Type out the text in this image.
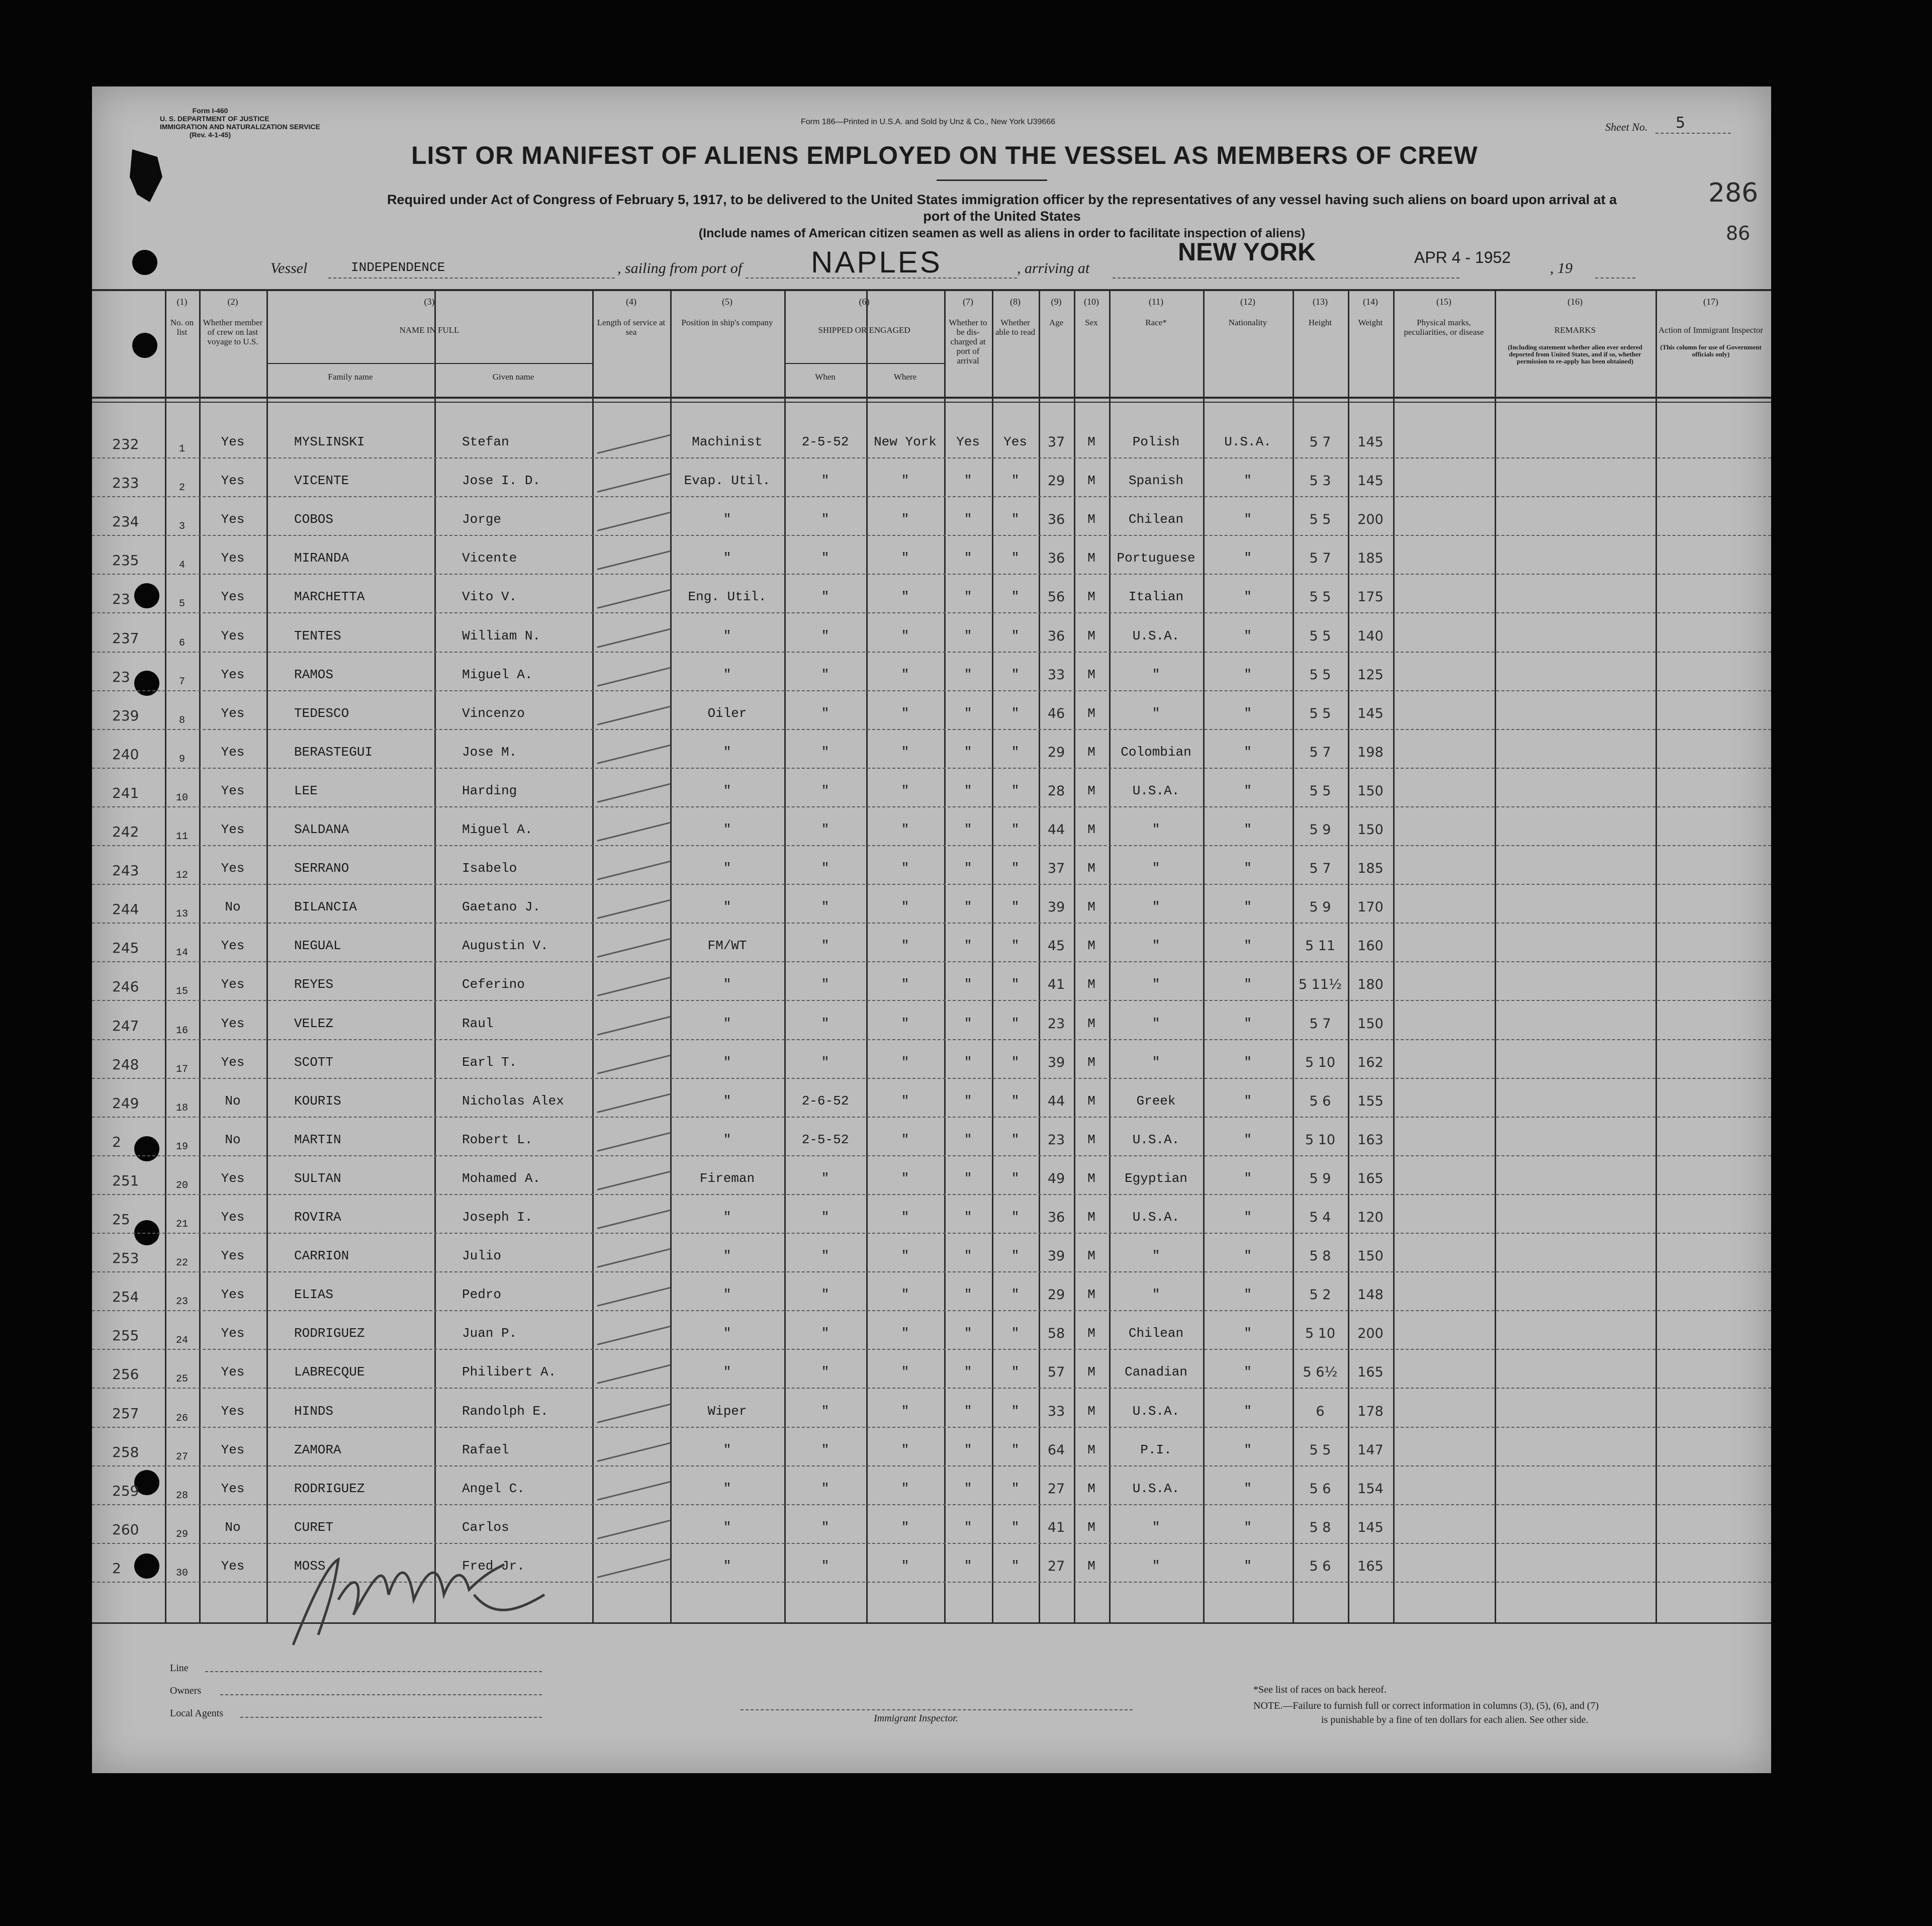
Form I-460
U. S. DEPARTMENT OF JUSTICE
IMMIGRATION AND NATURALIZATION SERVICE
(Rev. 4-1-45)
Form 186—Printed in U.S.A. and Sold by Unz & Co., New York U39666	Sheet No. 5
286
86
LIST OR MANIFEST OF ALIENS EMPLOYED ON THE VESSEL AS MEMBERS OF CREW
Required under Act of Congress of February 5, 1917, to be delivered to the United States immigration officer by the representatives of any vessel having such aliens on board upon arrival at a
port of the United States
(Include names of American citizen seamen as well as aliens in order to facilitate inspection of aliens)
Vessel	INDEPENDENCE	, sailing from port of NAPLES	, arriving at
NEW YORK	APR 4 - 1952
, 19
(1)
No. on list
(2)
Whether member of crew on last voyage to U.S.
(3)
NAME IN FULL
Family name	Given name
(4)
Length of service at sea
(5)
Position in ship's company
(6)
SHIPPED OR ENGAGED
When	Where
(7)
Whether to be dis- charged at port of arrival
(8)
Whether able to read
(9)
Age
(10)
Sex
(11)
Race*
(12)
Nationality
(13)
Height
(14)
Weight
(15)
Physical marks, peculiarities, or disease
(16)
REMARKS
(Including statement whether alien ever ordered deported from United States, and if so, whether permission to re-apply has been obtained)
(17)
Action of Immigrant Inspector
(This column for use of Government officials only)
232	1	Yes	MYSLINSKI	Stefan	Machinist	2-5-52	New York	Yes	Yes	37	M	Polish	U.S.A.	5 7	145
233	2	Yes	VICENTE	Jose I. D.	Evap. Util.	"	"	"	"	29	M	Spanish	"	5 3	145
234	3	Yes	COBOS	Jorge	"	"	"	"	"	36	M	Chilean	"	5 5	200
235	4	Yes	MIRANDA	Vicente	"	"	"	"	"	36	M	Portuguese	"	5 7	185
23	5	Yes	MARCHETTA	Vito V.	Eng. Util.	"	"	"	"	56	M	Italian	"	5 5	175
237	6	Yes	TENTES	William N.	"	"	"	"	"	36	M	U.S.A.	"	5 5	140
23	7	Yes	RAMOS	Miguel A.	"	"	"	"	"	33	M	"	"	5 5	125
239	8	Yes	TEDESCO	Vincenzo	Oiler	"	"	"	"	46	M	"	"	5 5	145
240	9	Yes	BERASTEGUI	Jose M.	"	"	"	"	"	29	M	Colombian	"	5 7	198
241	10	Yes	LEE	Harding	"	"	"	"	"	28	M	U.S.A.	"	5 5	150
242	11	Yes	SALDANA	Miguel A.	"	"	"	"	"	44	M	"	"	5 9	150
243	12	Yes	SERRANO	Isabelo	"	"	"	"	"	37	M	"	"	5 7	185
244	13	No	BILANCIA	Gaetano J.	"	"	"	"	"	39	M	"	"	5 9	170
245	14	Yes	NEGUAL	Augustin V.	FM/WT	"	"	"	"	45	M	"	"	5 11	160
246	15	Yes	REYES	Ceferino	"	"	"	"	"	41	M	"	"	5 11½	180
247	16	Yes	VELEZ	Raul	"	"	"	"	"	23	M	"	"	5 7	150
248	17	Yes	SCOTT	Earl T.	"	"	"	"	"	39	M	"	"	5 10	162
249	18	No	KOURIS	Nicholas Alex	"	2-6-52	"	"	"	44	M	Greek	"	5 6	155
2	19	No	MARTIN	Robert L.	"	2-5-52	"	"	"	23	M	U.S.A.	"	5 10	163
251	20	Yes	SULTAN	Mohamed A.	Fireman	"	"	"	"	49	M	Egyptian	"	5 9	165
25	21	Yes	ROVIRA	Joseph I.	"	"	"	"	"	36	M	U.S.A.	"	5 4	120
253	22	Yes	CARRION	Julio	"	"	"	"	"	39	M	"	"	5 8	150
254	23	Yes	ELIAS	Pedro	"	"	"	"	"	29	M	"	"	5 2	148
255	24	Yes	RODRIGUEZ	Juan P.	"	"	"	"	"	58	M	Chilean	"	5 10	200
256	25	Yes	LABRECQUE	Philibert A.	"	"	"	"	"	57	M	Canadian	"	5 6½	165
257	26	Yes	HINDS	Randolph E.	Wiper	"	"	"	"	33	M	U.S.A.	"	6	178
258	27	Yes	ZAMORA	Rafael	"	"	"	"	"	64	M	P.I.	"	5 5	147
259	28	Yes	RODRIGUEZ	Angel C.	"	"	"	"	"	27	M	U.S.A.	"	5 6	154
260	29	No	CURET	Carlos	"	"	"	"	"	41	M	"	"	5 8	145
2	30	Yes	MOSS	Fred Jr.	"	"	"	"	"	27	M	"	"	5 6	165
Line
Owners
Local Agents	Immigrant Inspector.
*See list of races on back hereof.
NOTE.—Failure to furnish full or correct information in columns (3), (5), (6), and (7)
is punishable by a fine of ten dollars for each alien. See other side.
